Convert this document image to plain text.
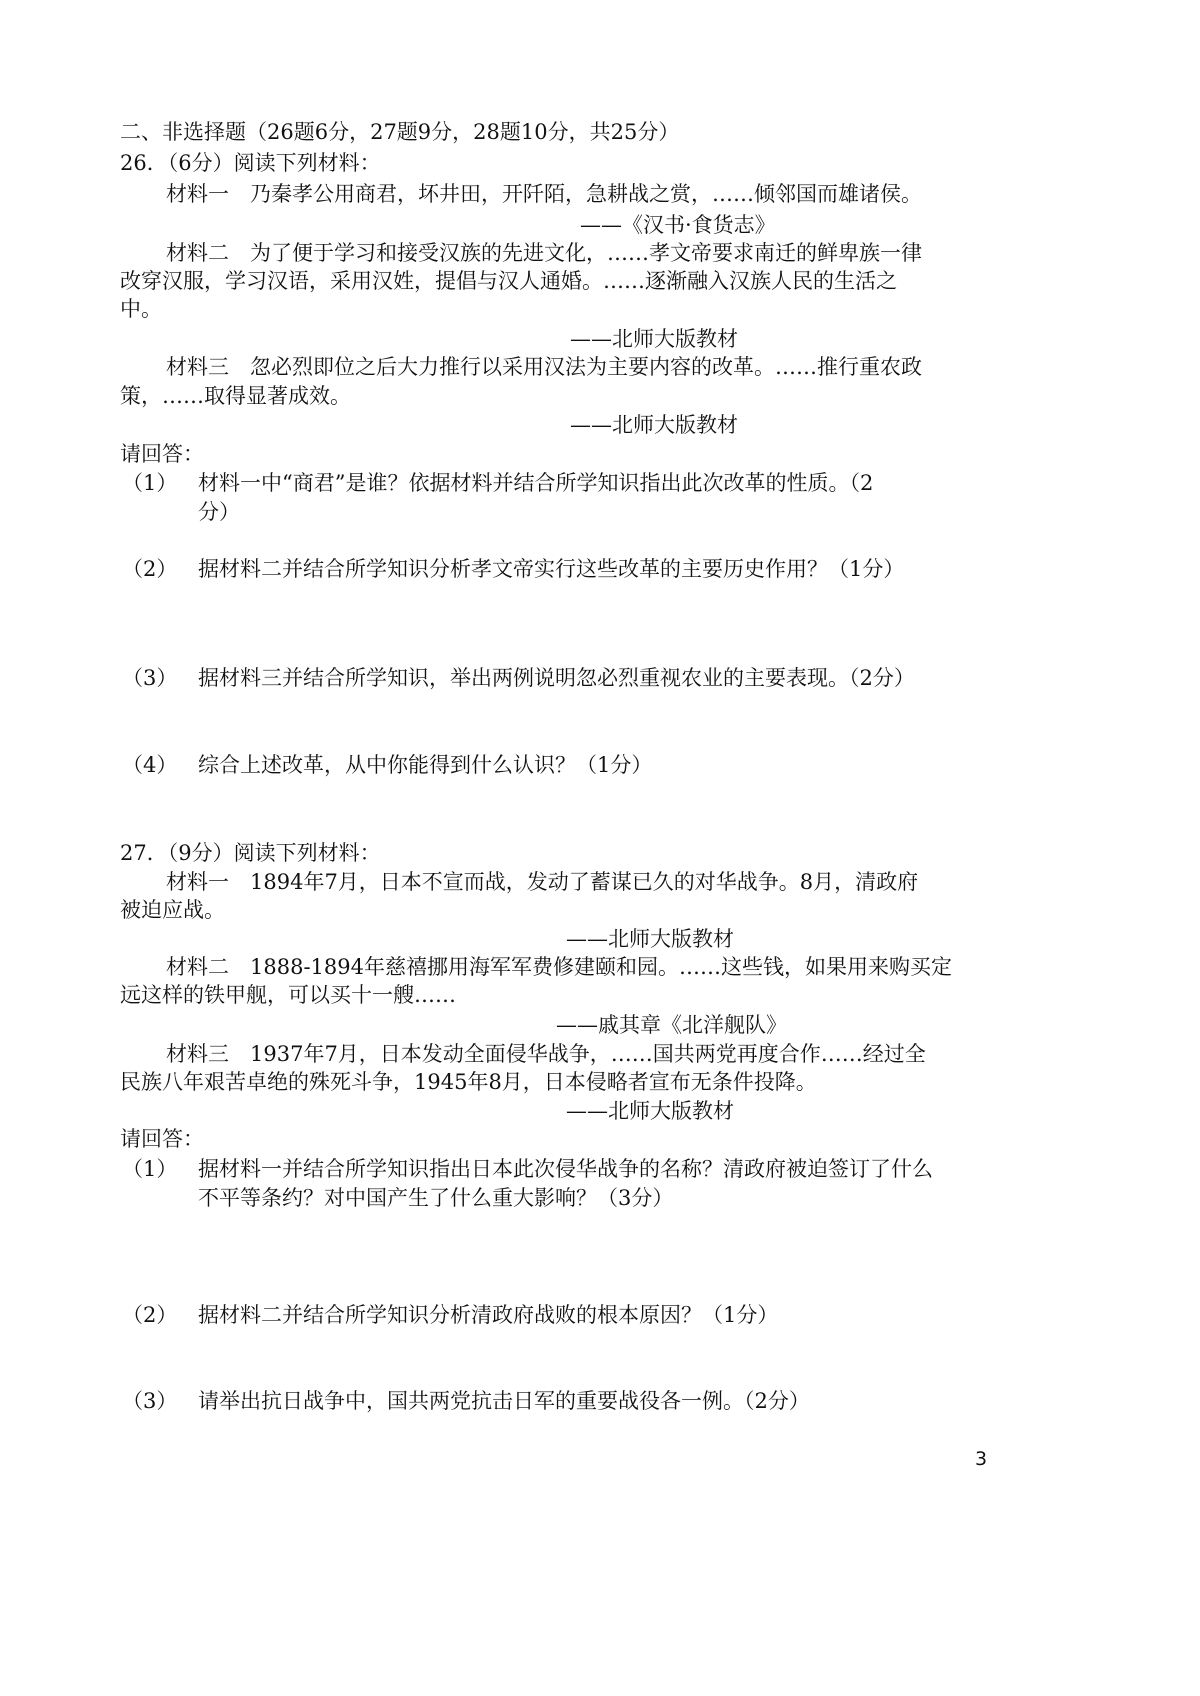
二、非选择题（26题6分，27题9分，28题10分，共25分）

26．（6分）阅读下列材料：

材料一　乃秦孝公用商君，坏井田，开阡陌，急耕战之赏，……倾邻国而雄诸侯。

——《汉书·食货志》

材料二　为了便于学习和接受汉族的先进文化，……孝文帝要求南迁的鲜卑族一律

改穿汉服，学习汉语，采用汉姓，提倡与汉人通婚。……逐渐融入汉族人民的生活之

中。

——北师大版教材

材料三　忽必烈即位之后大力推行以采用汉法为主要内容的改革。……推行重农政

策，……取得显著成效。

——北师大版教材

请回答：

（1） 材料一中“商君”是谁？依据材料并结合所学知识指出此次改革的性质。（2

分）

（2） 据材料二并结合所学知识分析孝文帝实行这些改革的主要历史作用？（1分）

（3） 据材料三并结合所学知识，举出两例说明忽必烈重视农业的主要表现。（2分）

（4） 综合上述改革，从中你能得到什么认识？（1分）

27．（9分）阅读下列材料：

材料一　1894年7月，日本不宣而战，发动了蓄谋已久的对华战争。8月，清政府

被迫应战。

——北师大版教材

材料二　1888-1894年慈禧挪用海军军费修建颐和园。……这些钱，如果用来购买定

远这样的铁甲舰，可以买十一艘……

——戚其章《北洋舰队》

材料三　1937年7月，日本发动全面侵华战争，……国共两党再度合作……经过全

民族八年艰苦卓绝的殊死斗争，1945年8月，日本侵略者宣布无条件投降。

——北师大版教材

请回答：

（1） 据材料一并结合所学知识指出日本此次侵华战争的名称？清政府被迫签订了什么

不平等条约？对中国产生了什么重大影响？（3分）

（2） 据材料二并结合所学知识分析清政府战败的根本原因？（1分）

（3） 请举出抗日战争中，国共两党抗击日军的重要战役各一例。（2分）

3
